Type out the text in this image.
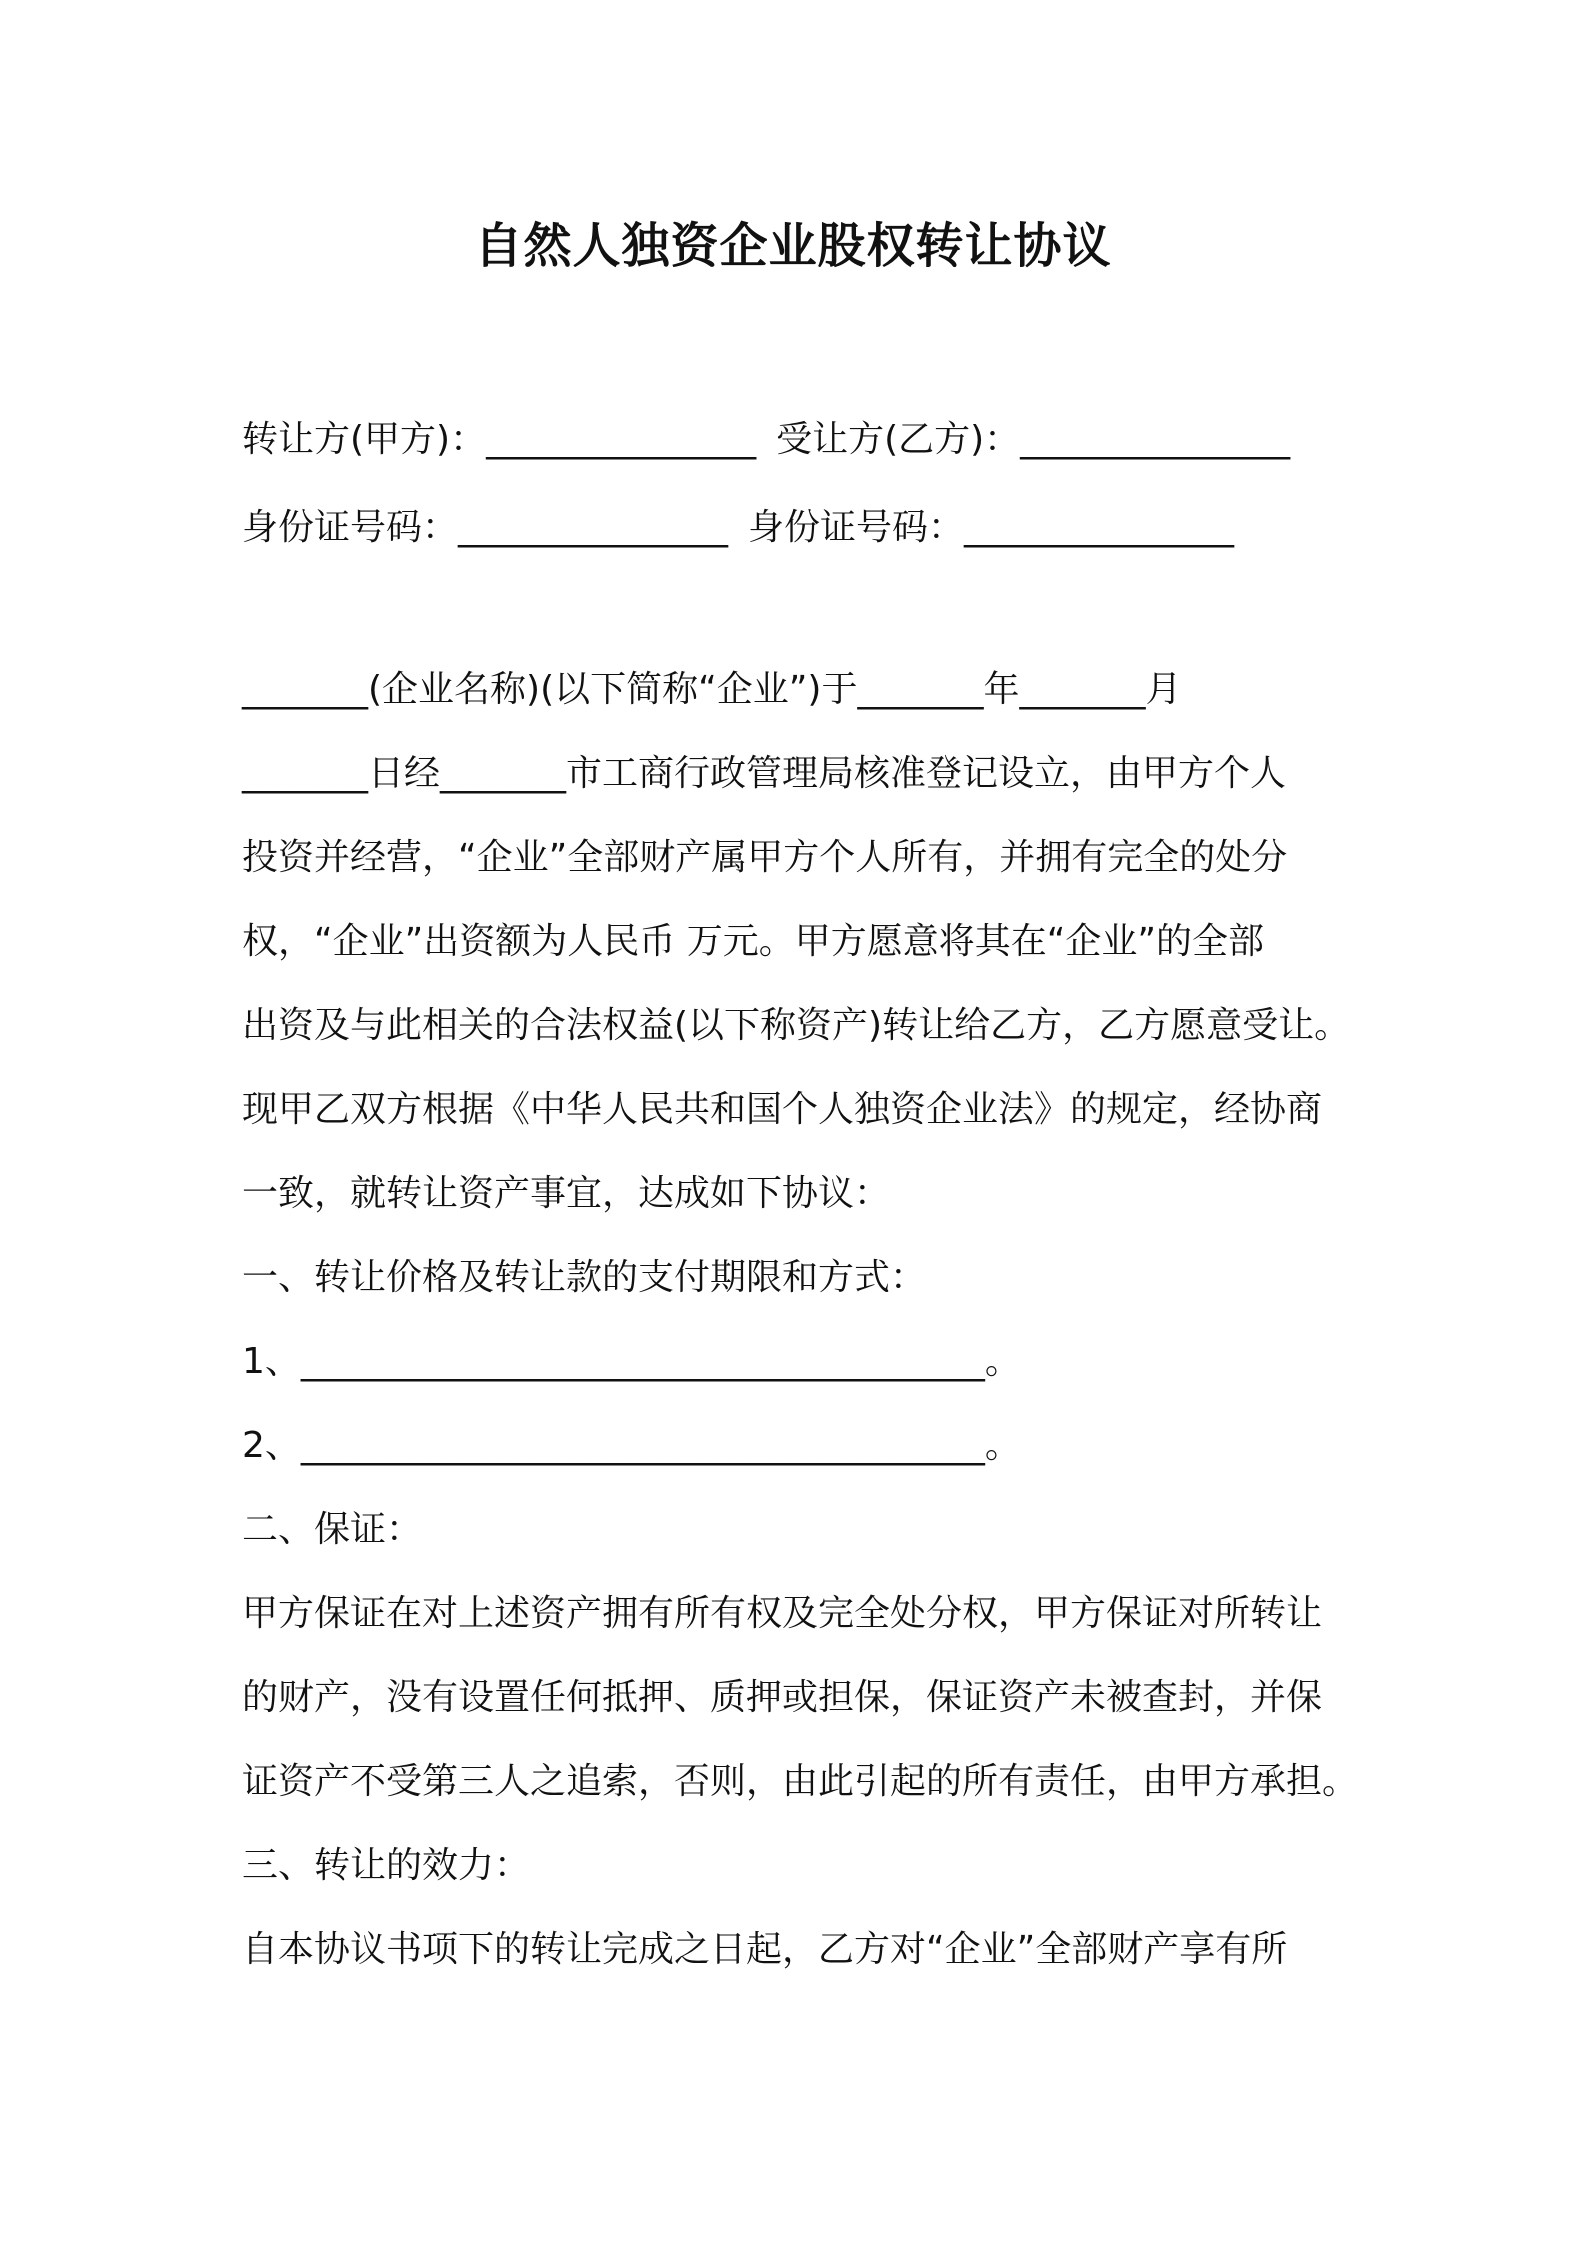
自然人独资企业股权转让协议
转让方(甲方)：_______________ 受让方(乙方)：_______________
身份证号码：_______________ 身份证号码：_______________
_______(企业名称)(以下简称“企业”)于_______年_______月
_______日经_______市工商行政管理局核准登记设立，由甲方个人
投资并经营，“企业”全部财产属甲方个人所有，并拥有完全的处分
权，“企业”出资额为人民币 万元。甲方愿意将其在“企业”的全部
出资及与此相关的合法权益(以下称资产)转让给乙方，乙方愿意受让。
现甲乙双方根据《中华人民共和国个人独资企业法》的规定，经协商
一致，就转让资产事宜，达成如下协议：
一、转让价格及转让款的支付期限和方式：
1、______________________________________。
2、______________________________________。
二、保证：
甲方保证在对上述资产拥有所有权及完全处分权，甲方保证对所转让
的财产，没有设置任何抵押、质押或担保，保证资产未被查封，并保
证资产不受第三人之追索，否则，由此引起的所有责任，由甲方承担。
三、转让的效力：
自本协议书项下的转让完成之日起，乙方对“企业”全部财产享有所
